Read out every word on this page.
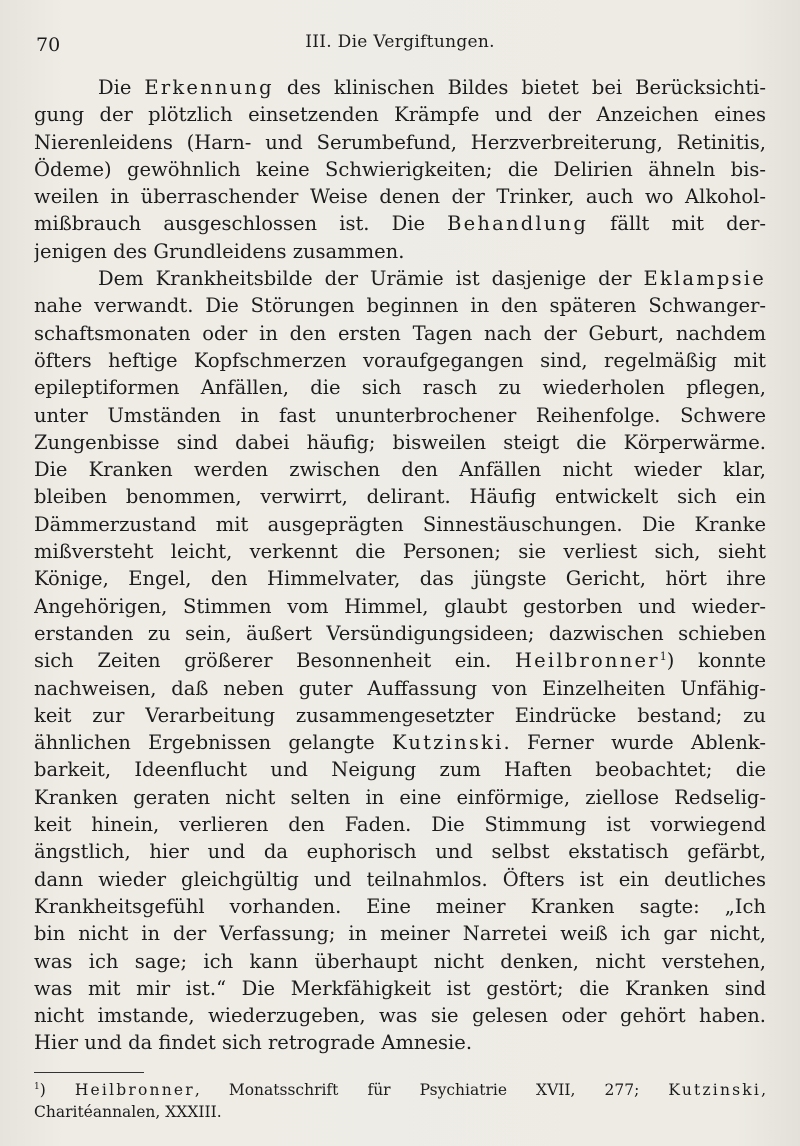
70	III. Die Vergiftungen.
Die Erkennung des klinischen Bildes bietet bei Berücksichti-
gung der plötzlich einsetzenden Krämpfe und der Anzeichen eines
Nierenleidens (Harn- und Serumbefund, Herzverbreiterung, Retinitis,
Ödeme) gewöhnlich keine Schwierigkeiten; die Delirien ähneln bis-
weilen in überraschender Weise denen der Trinker, auch wo Alkohol-
mißbrauch ausgeschlossen ist. Die Behandlung fällt mit der-
jenigen des Grundleidens zusammen.
Dem Krankheitsbilde der Urämie ist dasjenige der Eklampsie
nahe verwandt. Die Störungen beginnen in den späteren Schwanger-
schaftsmonaten oder in den ersten Tagen nach der Geburt, nachdem
öfters heftige Kopfschmerzen voraufgegangen sind, regelmäßig mit
epileptiformen Anfällen, die sich rasch zu wiederholen pflegen,
unter Umständen in fast ununterbrochener Reihenfolge. Schwere
Zungenbisse sind dabei häufig; bisweilen steigt die Körperwärme.
Die Kranken werden zwischen den Anfällen nicht wieder klar,
bleiben benommen, verwirrt, delirant. Häufig entwickelt sich ein
Dämmerzustand mit ausgeprägten Sinnestäuschungen. Die Kranke
mißversteht leicht, verkennt die Personen; sie verliest sich, sieht
Könige, Engel, den Himmelvater, das jüngste Gericht, hört ihre
Angehörigen, Stimmen vom Himmel, glaubt gestorben und wieder-
erstanden zu sein, äußert Versündigungsideen; dazwischen schieben
sich Zeiten größerer Besonnenheit ein. Heilbronner$^1$) konnte
nachweisen, daß neben guter Auffassung von Einzelheiten Unfähig-
keit zur Verarbeitung zusammengesetzter Eindrücke bestand; zu
ähnlichen Ergebnissen gelangte Kutzinski. Ferner wurde Ablenk-
barkeit, Ideenflucht und Neigung zum Haften beobachtet; die
Kranken geraten nicht selten in eine einförmige, ziellose Redselig-
keit hinein, verlieren den Faden. Die Stimmung ist vorwiegend
ängstlich, hier und da euphorisch und selbst ekstatisch gefärbt,
dann wieder gleichgültig und teilnahmlos. Öfters ist ein deutliches
Krankheitsgefühl vorhanden. Eine meiner Kranken sagte: „Ich
bin nicht in der Verfassung; in meiner Narretei weiß ich gar nicht,
was ich sage; ich kann überhaupt nicht denken, nicht verstehen,
was mit mir ist.“ Die Merkfähigkeit ist gestört; die Kranken sind
nicht imstande, wiederzugeben, was sie gelesen oder gehört haben.
Hier und da findet sich retrograde Amnesie.
$^1$) Heilbronner, Monatsschrift für Psychiatrie XVII, 277; Kutzinski,
Charitéannalen, XXXIII.
